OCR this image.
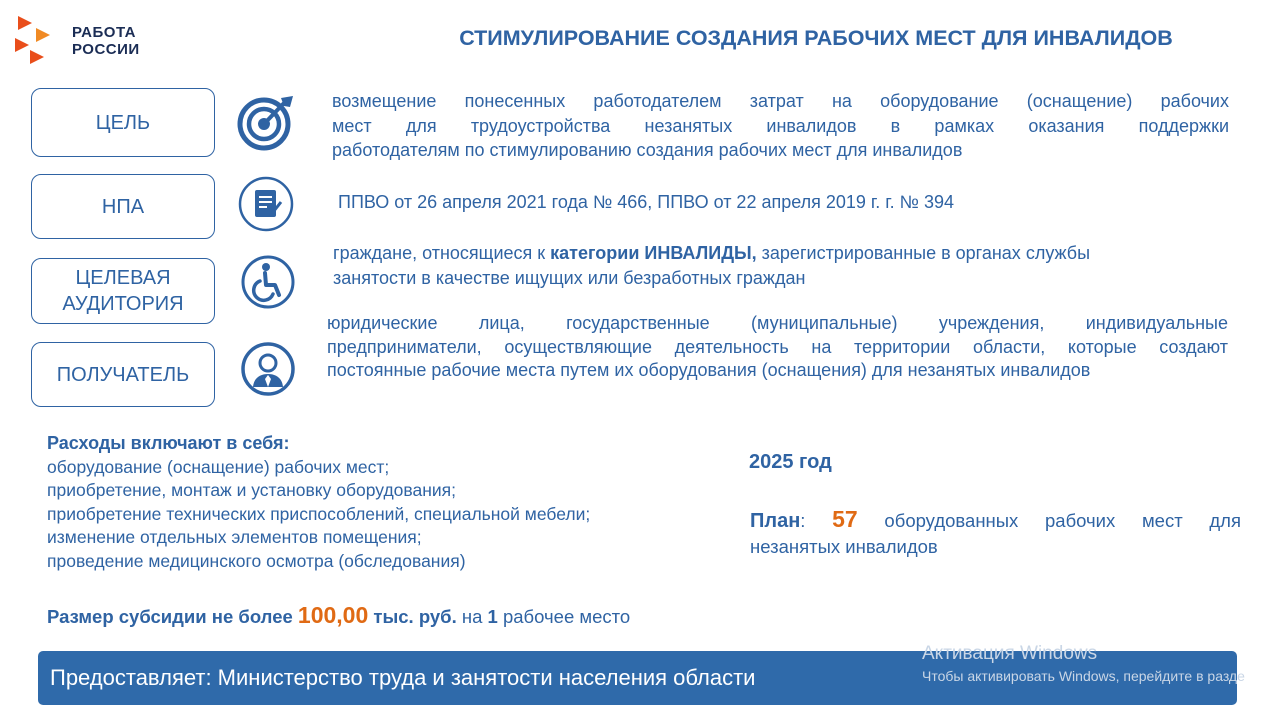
РАБОТА
РОССИИ	СТИМУЛИРОВАНИЕ СОЗДАНИЯ РАБОЧИХ МЕСТ ДЛЯ ИНВАЛИДОВ
ЦЕЛЬ
возмещение понесенных работодателем затрат на оборудование (оснащение) рабочих
мест для трудоустройства незанятых инвалидов в рамках оказания поддержки
работодателям по стимулированию создания рабочих мест для инвалидов
НПА	ППВО от 26 апреля 2021 года № 466, ППВО от 22 апреля 2019 г. г. № 394
ЦЕЛЕВАЯ
АУДИТОРИЯ
граждане, относящиеся к категории ИНВАЛИДЫ, зарегистрированные в органах службы
занятости в качестве ищущих или безработных граждан
ПОЛУЧАТЕЛЬ
юридические лица, государственные (муниципальные) учреждения, индивидуальные
предприниматели, осуществляющие деятельность на территории области, которые создают
постоянные рабочие места путем их оборудования (оснащения) для незанятых инвалидов
Расходы включают в себя:
оборудование (оснащение) рабочих мест;
приобретение, монтаж и установку оборудования;
приобретение технических приспособлений, специальной мебели;
изменение отдельных элементов помещения;
проведение медицинского осмотра (обследования)
Размер субсидии не более 100,00 тыс. руб. на 1 рабочее место
2025 год
План: 57 оборудованных рабочих мест для
незанятых инвалидов
Предоставляет: Министерство труда и занятости населения области
Активация Windows
Чтобы активировать Windows, перейдите в разде
